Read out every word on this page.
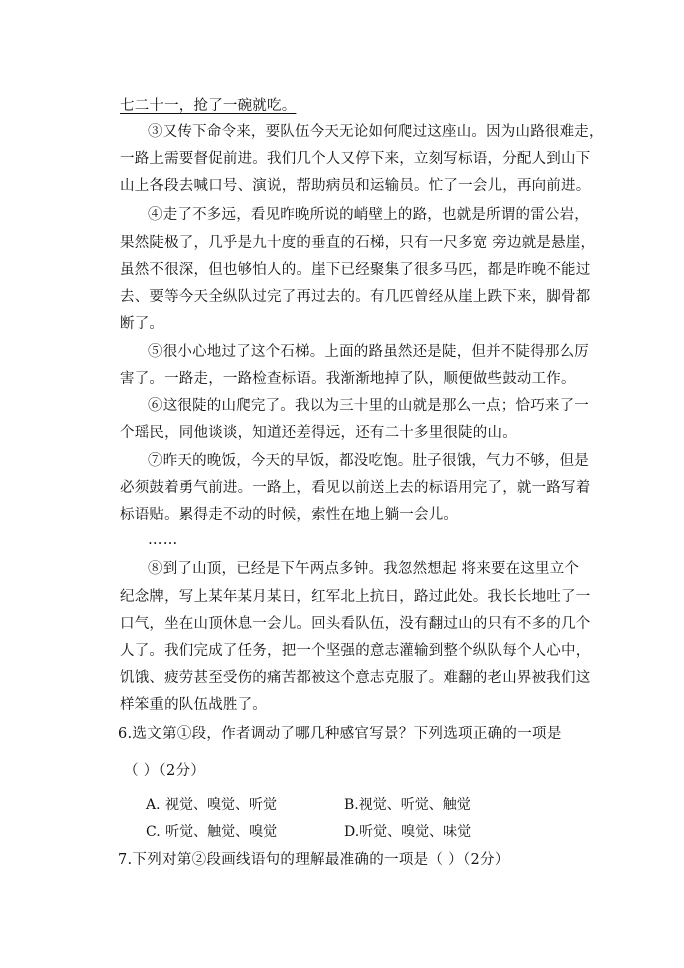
七二十一，抢了一碗就吃。
③又传下命令来，要队伍今天无论如何爬过这座山。因为山路很难走，
一路上需要督促前进。我们几个人又停下来，立刻写标语，分配人到山下
山上各段去喊口号、演说，帮助病员和运输员。忙了一会儿，再向前进。
④走了不多远，看见昨晚所说的峭壁上的路，也就是所谓的雷公岩，
果然陡极了，几乎是九十度的垂直的石梯，只有一尺多宽 旁边就是悬崖，
虽然不很深，但也够怕人的。崖下已经聚集了很多马匹，都是昨晚不能过
去、要等今天全纵队过完了再过去的。有几匹曾经从崖上跌下来，脚骨都
断了。
⑤很小心地过了这个石梯。上面的路虽然还是陡，但并不陡得那么厉
害了。一路走，一路检查标语。我渐渐地掉了队，顺便做些鼓动工作。
⑥这很陡的山爬完了。我以为三十里的山就是那么一点；恰巧来了一
个瑶民，同他谈谈，知道还差得远，还有二十多里很陡的山。
⑦昨天的晚饭，今天的早饭，都没吃饱。肚子很饿，气力不够，但是
必须鼓着勇气前进。一路上，看见以前送上去的标语用完了，就一路写着
标语贴。累得走不动的时候，索性在地上躺一会儿。
……
⑧到了山顶，已经是下午两点多钟。我忽然想起 将来要在这里立个
纪念牌，写上某年某月某日，红军北上抗日，路过此处。我长长地吐了一
口气，坐在山顶休息一会儿。回头看队伍，没有翻过山的只有不多的几个
人了。我们完成了任务，把一个坚强的意志灌输到整个纵队每个人心中，
饥饿、疲劳甚至受伤的痛苦都被这个意志克服了。难翻的老山界被我们这
样笨重的队伍战胜了。
6.选文第①段，作者调动了哪几种感官写景？下列选项正确的一项是
（ ）（2分）
A. 视觉、嗅觉、听觉	B.视觉、听觉、触觉
C. 听觉、触觉、嗅觉	D.听觉、嗅觉、味觉
7.下列对第②段画线语句的理解最准确的一项是（ ）（2分）
